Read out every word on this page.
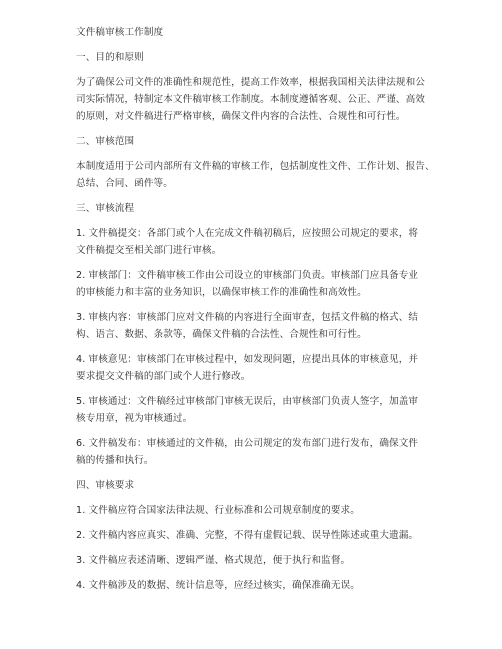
文件稿审核工作制度

一、目的和原则

为了确保公司文件的准确性和规范性，提高工作效率，根据我国相关法律法规和公

司实际情况，特制定本文件稿审核工作制度。本制度遵循客观、公正、严谨、高效

的原则，对文件稿进行严格审核，确保文件内容的合法性、合规性和可行性。

二、审核范围

本制度适用于公司内部所有文件稿的审核工作，包括制度性文件、工作计划、报告、

总结、合同、函件等。

三、审核流程

1. 文件稿提交：各部门或个人在完成文件稿初稿后，应按照公司规定的要求，将

文件稿提交至相关部门进行审核。

2. 审核部门：文件稿审核工作由公司设立的审核部门负责。审核部门应具备专业

的审核能力和丰富的业务知识，以确保审核工作的准确性和高效性。

3. 审核内容：审核部门应对文件稿的内容进行全面审查，包括文件稿的格式、结

构、语言、数据、条款等，确保文件稿的合法性、合规性和可行性。

4. 审核意见：审核部门在审核过程中，如发现问题，应提出具体的审核意见，并

要求提交文件稿的部门或个人进行修改。

5. 审核通过：文件稿经过审核部门审核无误后，由审核部门负责人签字，加盖审

核专用章，视为审核通过。

6. 文件稿发布：审核通过的文件稿，由公司规定的发布部门进行发布，确保文件

稿的传播和执行。

四、审核要求

1. 文件稿应符合国家法律法规、行业标准和公司规章制度的要求。

2. 文件稿内容应真实、准确、完整，不得有虚假记载、误导性陈述或重大遗漏。

3. 文件稿应表述清晰、逻辑严谨、格式规范，便于执行和监督。

4. 文件稿涉及的数据、统计信息等，应经过核实，确保准确无误。
